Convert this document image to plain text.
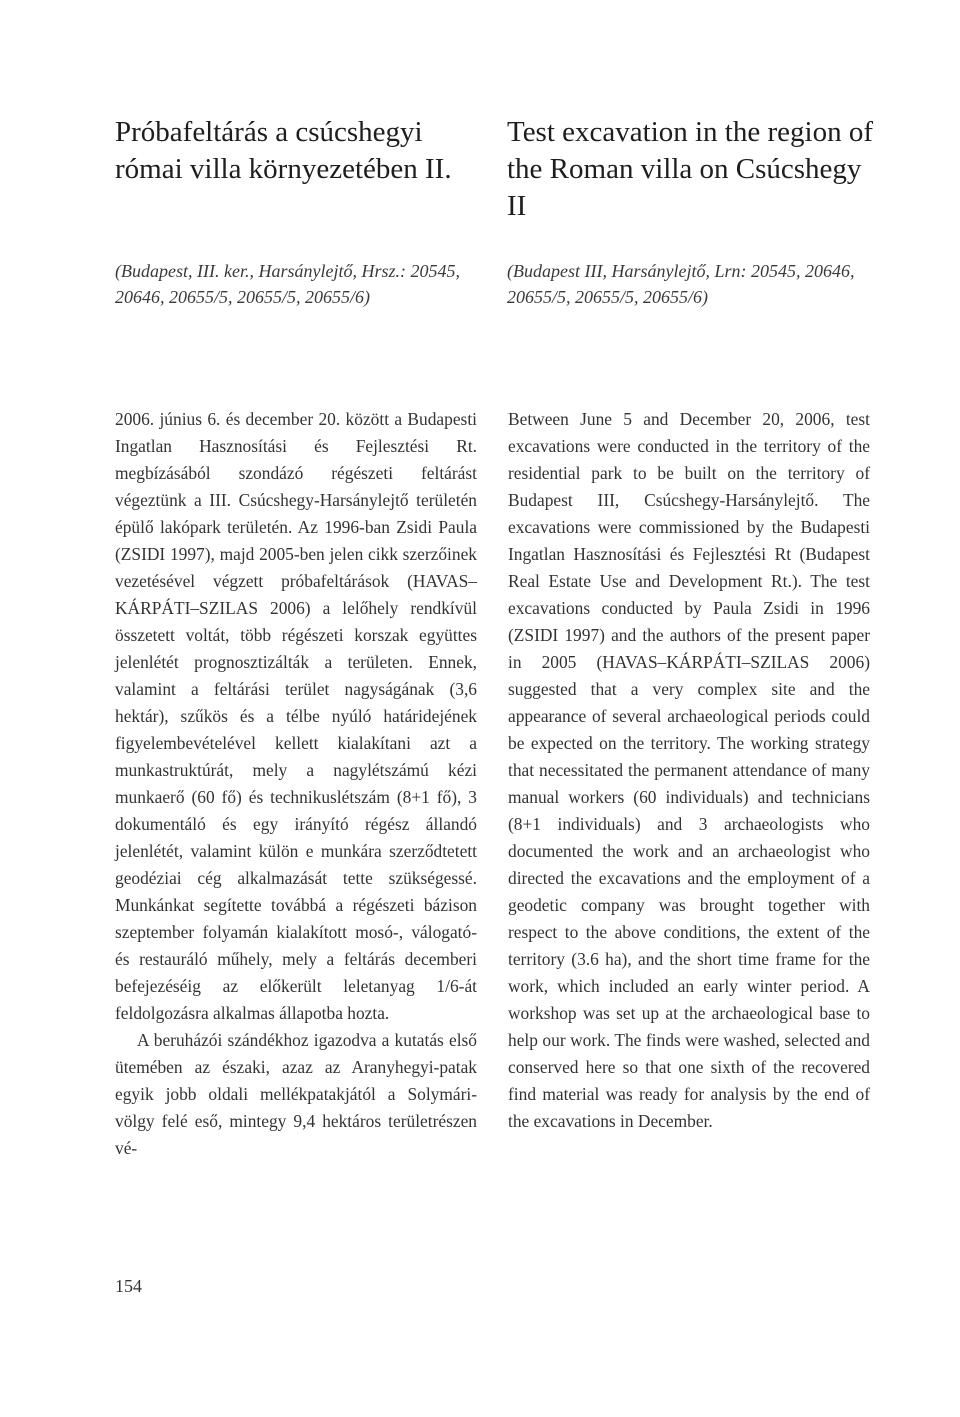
Próbafeltárás a csúcshegyi római villa környezetében II.
Test excavation in the region of the Roman villa on Csúcshegy II

(Budapest, III. ker., Harsánylejtő, Hrsz.: 20545, 20646, 20655/5, 20655/5, 20655/6)

(Budapest III, Harsánylejtő, Lrn: 20545, 20646, 20655/5, 20655/5, 20655/6)

2006. június 6. és december 20. között a Budapesti Ingatlan Hasznosítási és Fejlesztési Rt. megbízásából szondázó régészeti feltárást végeztünk a III. Csúcshegy-Harsánylejtő területén épülő lakópark területén. Az 1996-ban Zsidi Paula (ZSIDI 1997), majd 2005-ben jelen cikk szerzőinek vezetésével végzett próbafeltárások (HAVAS–KÁRPÁTI–SZILAS 2006) a lelőhely rendkívül összetett voltát, több régészeti korszak együttes jelenlétét prognosztizálták a területen. Ennek, valamint a feltárási terület nagyságának (3,6 hektár), szűkös és a télbe nyúló határidejének figyelembevételével kellett kialakítani azt a munkastruktúrát, mely a nagylétszámú kézi munkaerő (60 fő) és technikuslétszám (8+1 fő), 3 dokumentáló és egy irányító régész állandó jelenlétét, valamint külön e munkára szerződtetett geodéziai cég alkalmazását tette szükségessé. Munkánkat segítette továbbá a régészeti bázison szeptember folyamán kialakított mosó-, válogató- és restauráló műhely, mely a feltárás decemberi befejezéséig az előkerült leletanyag 1/6-át feldolgozásra alkalmas állapotba hozta.

A beruházói szándékhoz igazodva a kutatás első ütemében az északi, azaz az Aranyhegyi-patak egyik jobb oldali mellékpatakjától a Solymári-völgy felé eső, mintegy 9,4 hektáros területrészen vé-

Between June 5 and December 20, 2006, test excavations were conducted in the territory of the residential park to be built on the territory of Budapest III, Csúcshegy-Harsánylejtő. The excavations were commissioned by the Budapesti Ingatlan Hasznosítási és Fejlesztési Rt (Budapest Real Estate Use and Development Rt.). The test excavations conducted by Paula Zsidi in 1996 (ZSIDI 1997) and the authors of the present paper in 2005 (HAVAS–KÁRPÁTI–SZILAS 2006) suggested that a very complex site and the appearance of several archaeological periods could be expected on the territory. The working strategy that necessitated the permanent attendance of many manual workers (60 individuals) and technicians (8+1 individuals) and 3 archaeologists who documented the work and an archaeologist who directed the excavations and the employment of a geodetic company was brought together with respect to the above conditions, the extent of the territory (3.6 ha), and the short time frame for the work, which included an early winter period. A workshop was set up at the archaeological base to help our work. The finds were washed, selected and conserved here so that one sixth of the recovered find material was ready for analysis by the end of the excavations in December.

154
